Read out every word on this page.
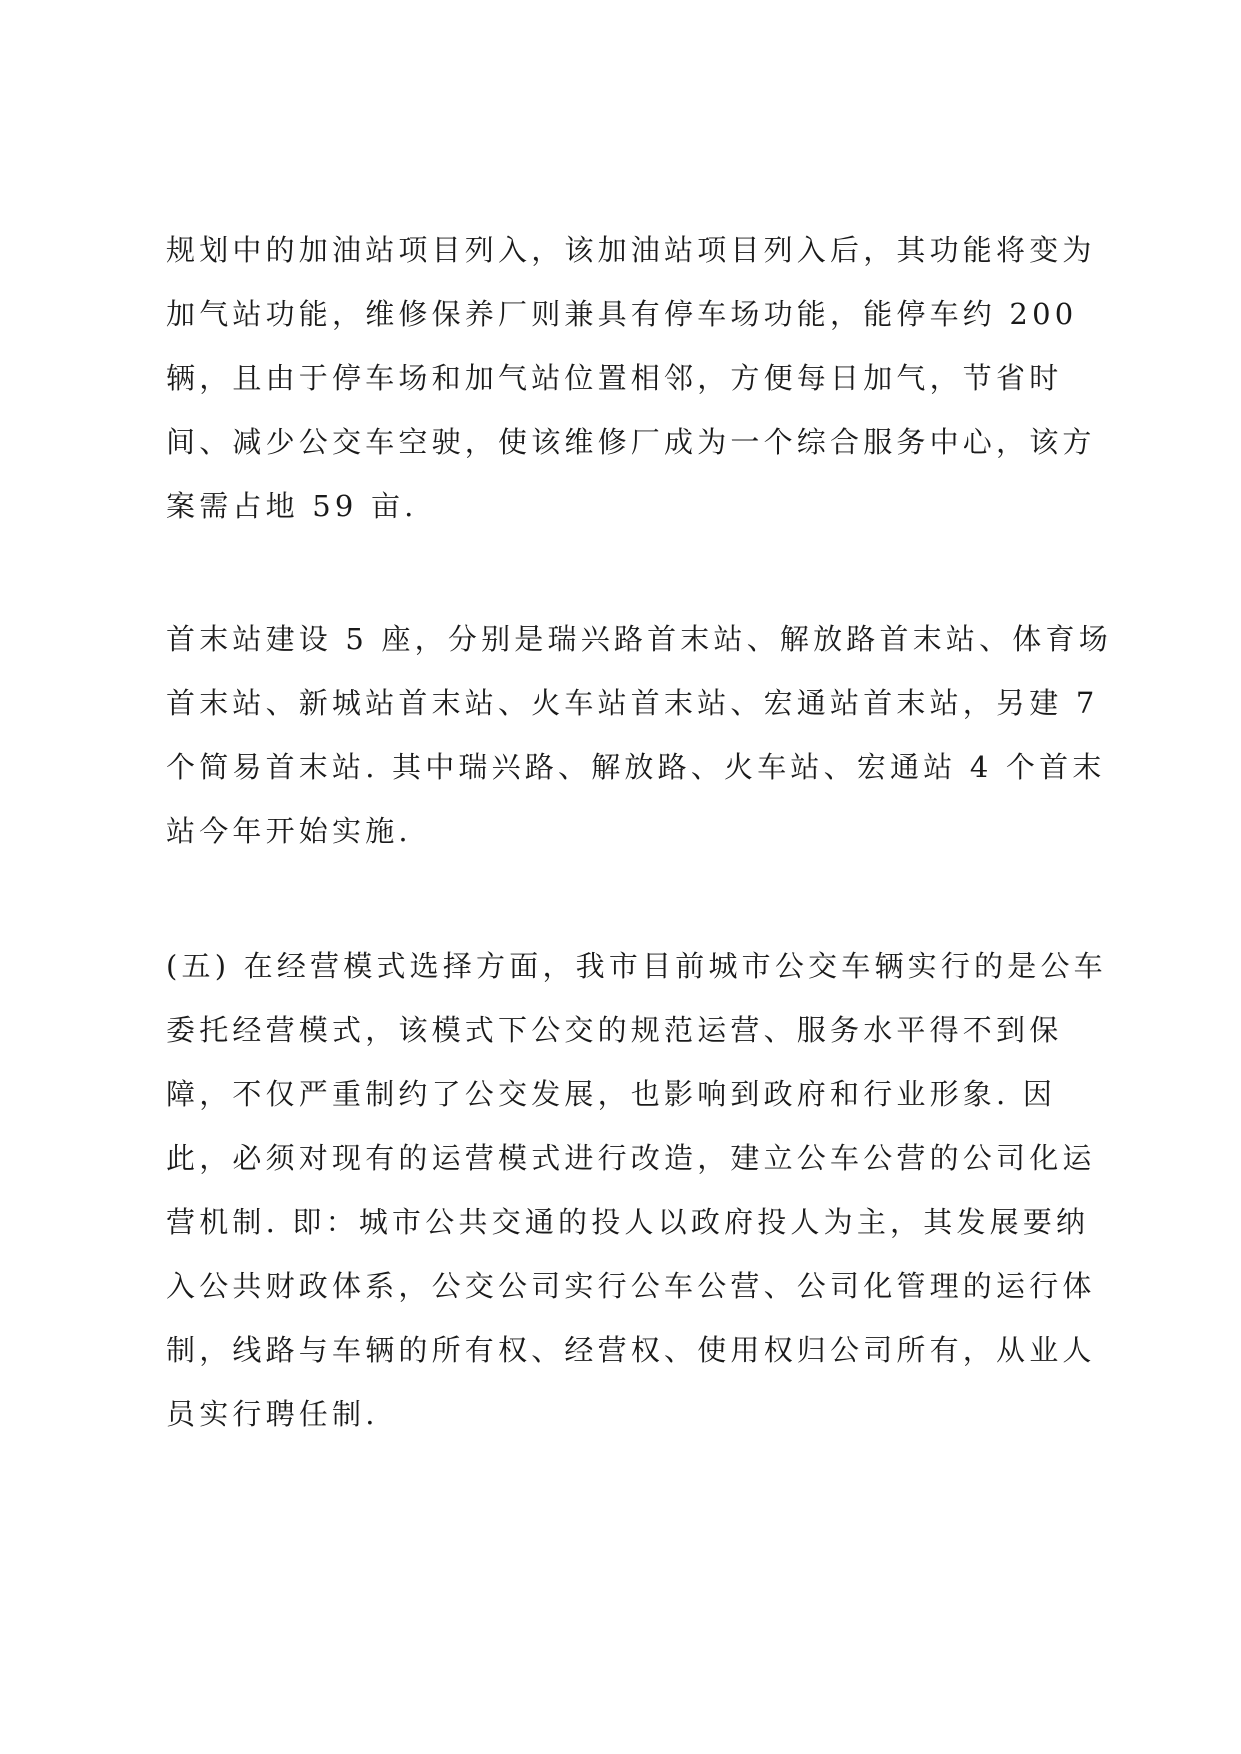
规划中的加油站项目列入，该加油站项目列入后，其功能将变为
加气站功能，维修保养厂则兼具有停车场功能，能停车约 200
辆，且由于停车场和加气站位置相邻，方便每日加气，节省时
间、减少公交车空驶，使该维修厂成为一个综合服务中心，该方
案需占地 59 亩.
首末站建设 5 座，分别是瑞兴路首末站、解放路首末站、体育场
首末站、新城站首末站、火车站首末站、宏通站首末站，另建 7
个简易首末站. 其中瑞兴路、解放路、火车站、宏通站 4 个首末
站今年开始实施.
(五) 在经营模式选择方面，我市目前城市公交车辆实行的是公车
委托经营模式，该模式下公交的规范运营、服务水平得不到保
障，不仅严重制约了公交发展，也影响到政府和行业形象. 因
此，必须对现有的运营模式进行改造，建立公车公营的公司化运
营机制. 即：城市公共交通的投人以政府投人为主，其发展要纳
入公共财政体系，公交公司实行公车公营、公司化管理的运行体
制，线路与车辆的所有权、经营权、使用权归公司所有，从业人
员实行聘任制.
